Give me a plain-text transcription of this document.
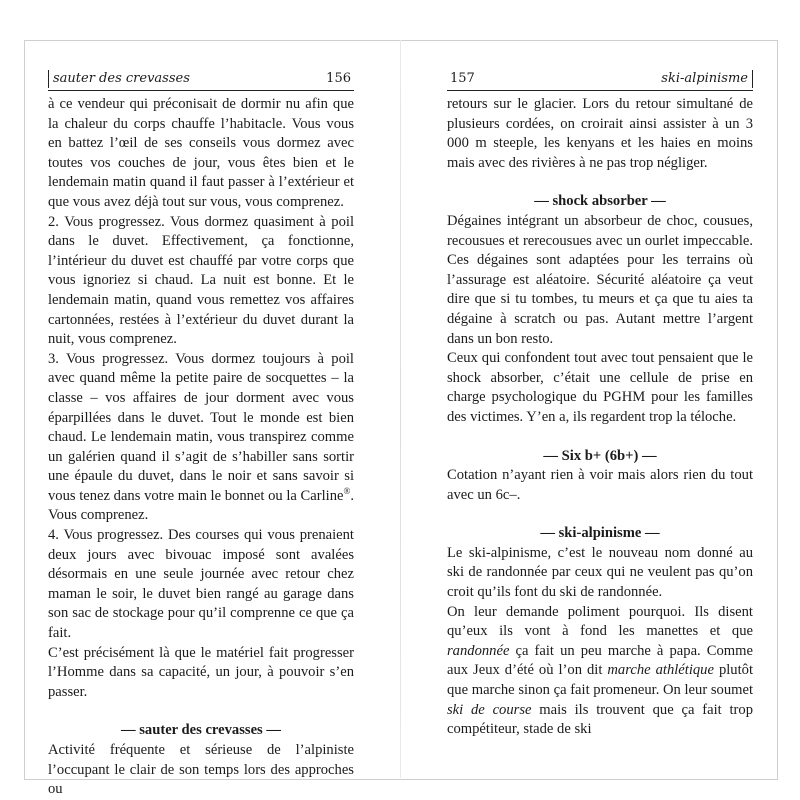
sauter des crevasses	156

à ce vendeur qui préconisait de dormir nu afin que la chaleur du corps chauffe l’habitacle. Vous vous en battez l’œil de ses conseils vous dormez avec toutes vos couches de jour, vous êtes bien et le lendemain matin quand il faut passer à l’extérieur et que vous avez déjà tout sur vous, vous comprenez.

2. Vous progressez. Vous dormez quasiment à poil dans le duvet. Effectivement, ça fonctionne, l’intérieur du duvet est chauffé par votre corps que vous ignoriez si chaud. La nuit est bonne. Et le lendemain matin, quand vous remettez vos affaires cartonnées, restées à l’extérieur du duvet durant la nuit, vous comprenez.

3. Vous progressez. Vous dormez toujours à poil avec quand même la petite paire de socquettes – la classe – vos affaires de jour dorment avec vous éparpillées dans le duvet. Tout le monde est bien chaud. Le lendemain matin, vous transpirez comme un galérien quand il s’agit de s’habiller sans sortir une épaule du duvet, dans le noir et sans savoir si vous tenez dans votre main le bonnet ou la Carline®. Vous comprenez.

4. Vous progressez. Des courses qui vous prenaient deux jours avec bivouac imposé sont avalées désormais en une seule journée avec retour chez maman le soir, le duvet bien rangé au garage dans son sac de stockage pour qu’il comprenne ce que ça fait.

C’est précisément là que le matériel fait progresser l’Homme dans sa capacité, un jour, à pouvoir s’en passer.

— sauter des crevasses —

Activité fréquente et sérieuse de l’alpiniste l’occupant le clair de son temps lors des approches ou

157	ski-alpinisme

retours sur le glacier. Lors du retour simultané de plusieurs cordées, on croirait ainsi assister à un 3 000 m steeple, les kenyans et les haies en moins mais avec des rivières à ne pas trop négliger.

— shock absorber —

Dégaines intégrant un absorbeur de choc, cousues, recousues et rerecousues avec un ourlet impeccable. Ces dégaines sont adaptées pour les terrains où l’assurage est aléatoire. Sécurité aléatoire ça veut dire que si tu tombes, tu meurs et ça que tu aies ta dégaine à scratch ou pas. Autant mettre l’argent dans un bon resto.

Ceux qui confondent tout avec tout pensaient que le shock absorber, c’était une cellule de prise en charge psychologique du PGHM pour les familles des victimes. Y’en a, ils regardent trop la téloche.

— Six b+ (6b+) —

Cotation n’ayant rien à voir mais alors rien du tout avec un 6c–.

— ski-alpinisme —

Le ski-alpinisme, c’est le nouveau nom donné au ski de randonnée par ceux qui ne veulent pas qu’on croit qu’ils font du ski de randonnée.

On leur demande poliment pourquoi. Ils disent qu’eux ils vont à fond les manettes et que randonnée ça fait un peu marche à papa. Comme aux Jeux d’été où l’on dit marche athlétique plutôt que marche sinon ça fait promeneur. On leur soumet ski de course mais ils trouvent que ça fait trop compétiteur, stade de ski
